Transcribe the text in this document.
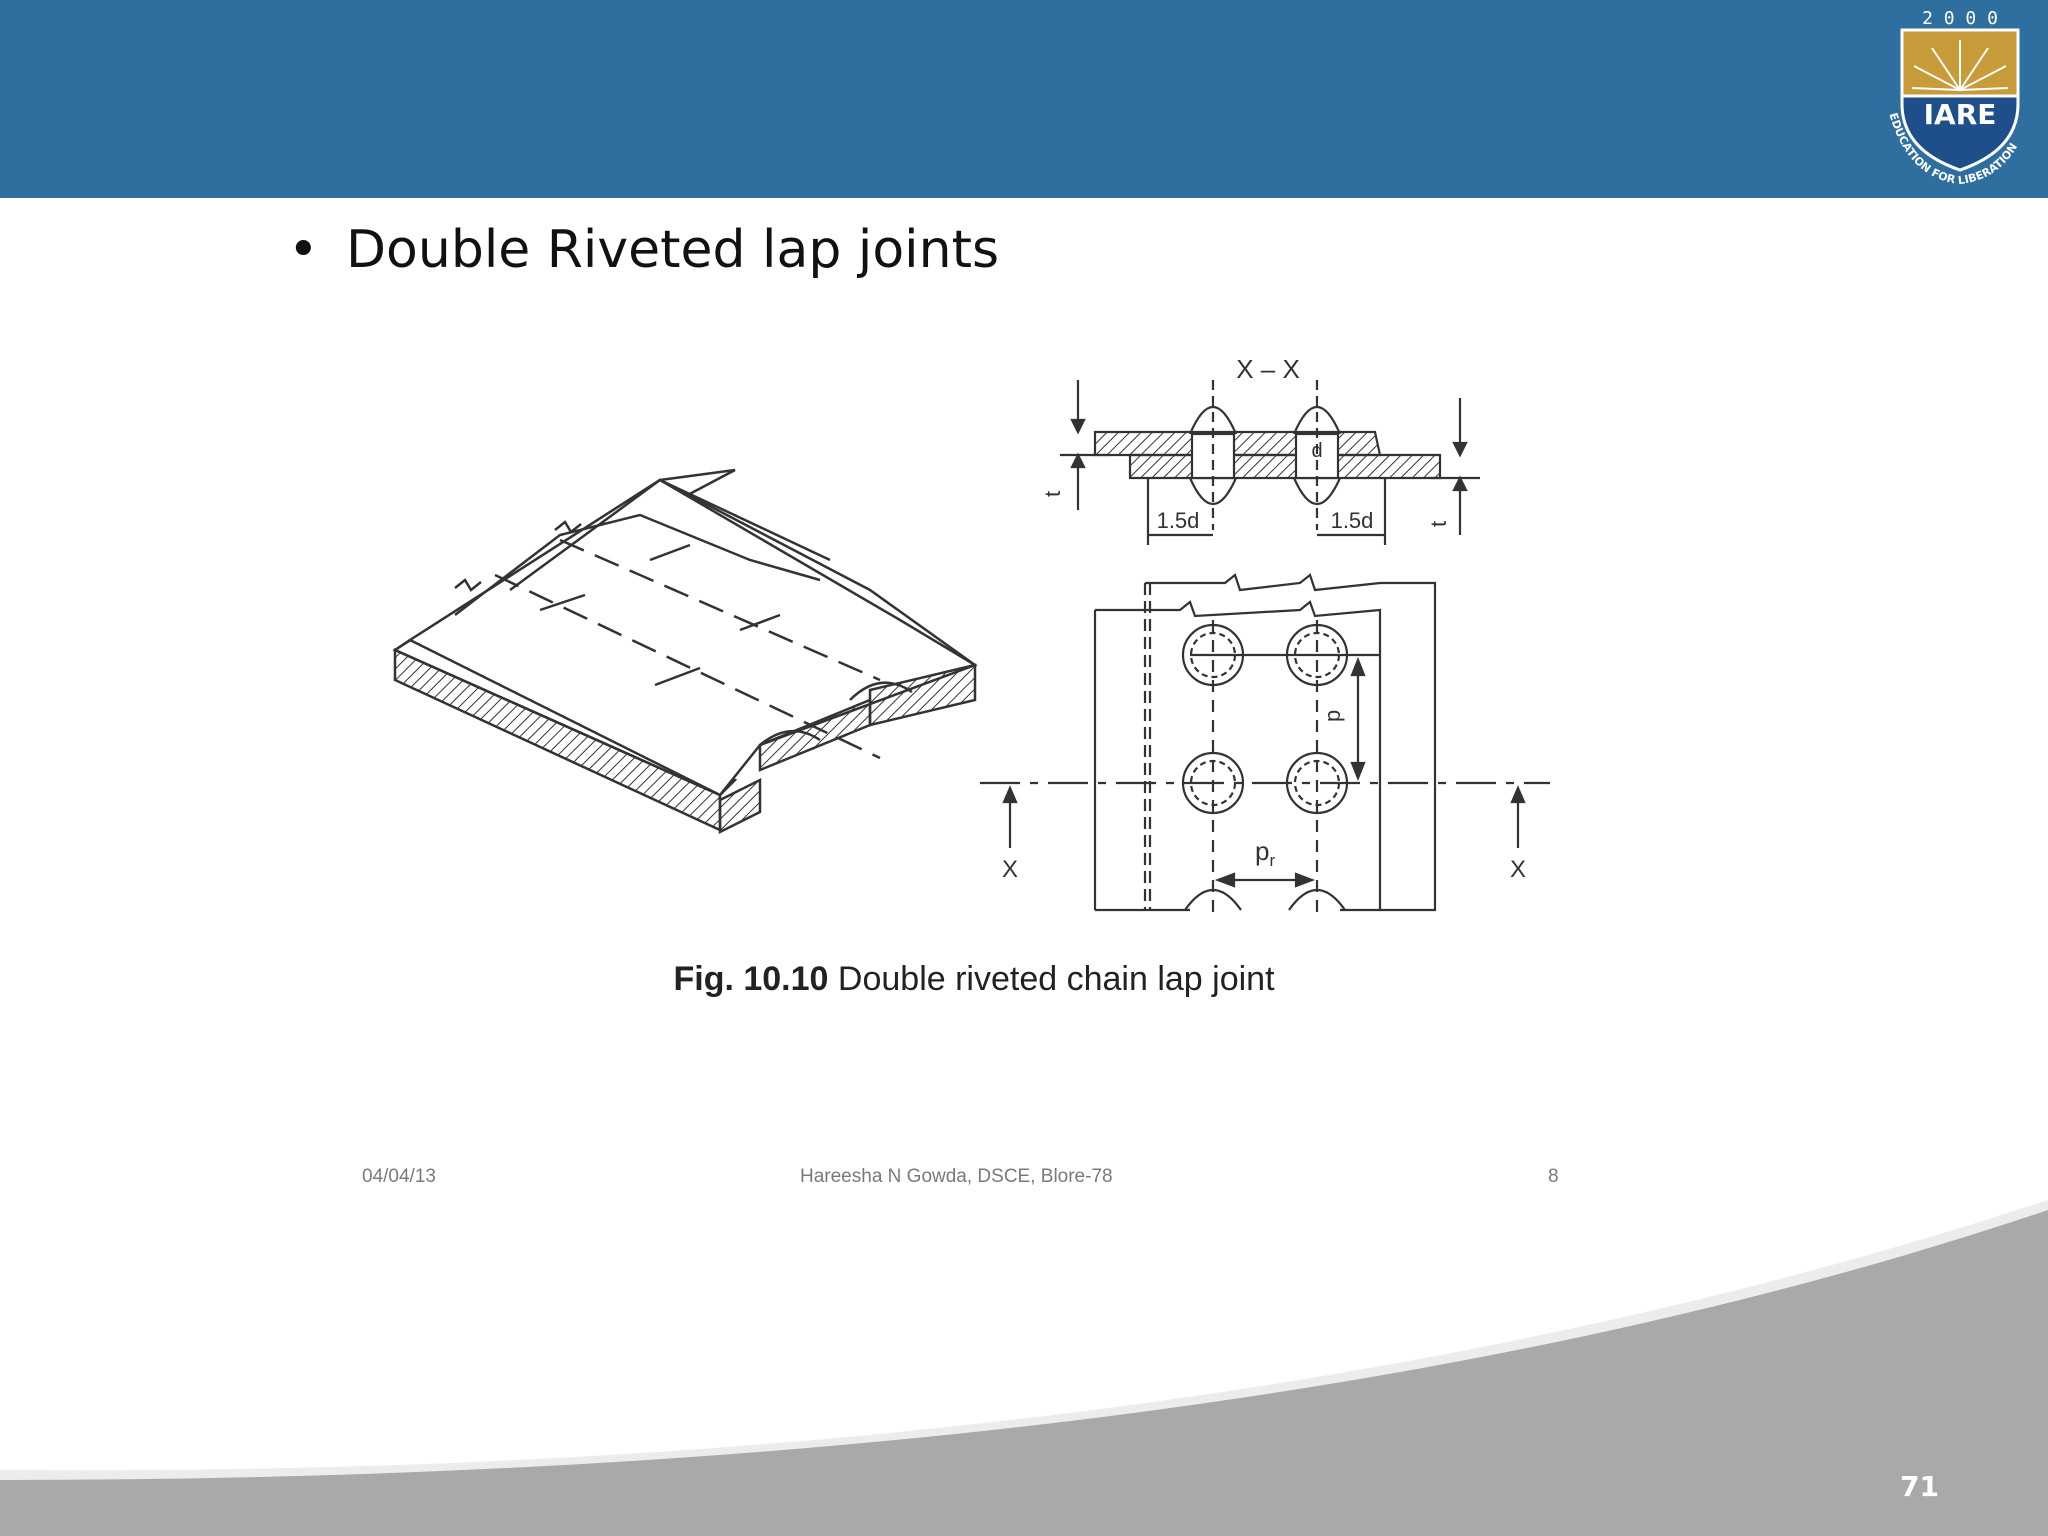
2 0 0 0
IARE
EDUCATION FOR LIBERATION
• Double Riveted lap joints
X – X
d
t
t
1.5d	1.5d
p
$p_r$
X	X
Fig. 10.10 Double riveted chain lap joint
04/04/13	Hareesha N Gowda, DSCE, Blore-78	8
71
